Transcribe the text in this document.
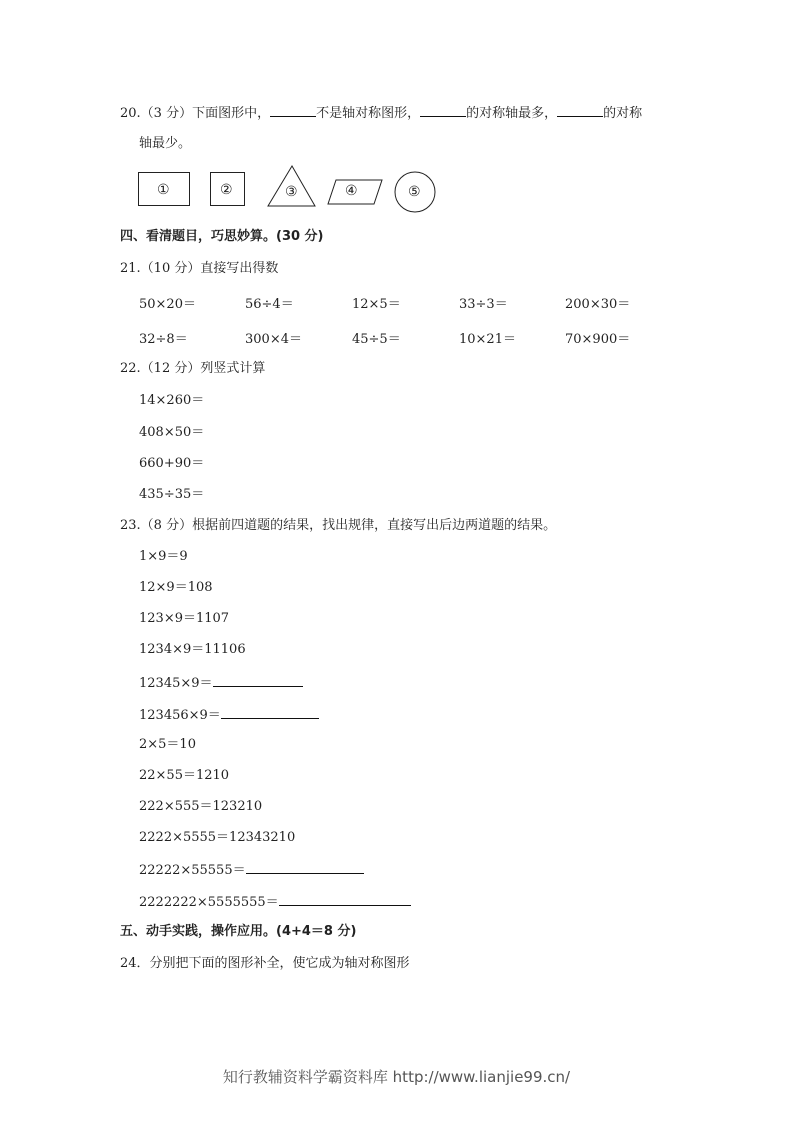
20.（3 分）下面图形中，	不是轴对称图形，	的对称轴最多，	的对称
轴最少。
①	②	③	④	⑤
四、看清题目，巧思妙算。(30 分)
21.（10 分）直接写出得数
50×20＝	56÷4＝	12×5＝	33÷3＝	200×30＝
32÷8＝	300×4＝	45÷5＝	10×21＝	70×900＝
22.（12 分）列竖式计算
14×260＝
408×50＝
660+90＝
435÷35＝
23.（8 分）根据前四道题的结果，找出规律，直接写出后边两道题的结果。
1×9＝9
12×9＝108
123×9＝1107
1234×9＝11106
12345×9＝
123456×9＝
2×5＝10
22×55＝1210
222×555＝123210
2222×5555＝12343210
22222×55555＝
2222222×5555555＝
五、动手实践，操作应用。(4+4＝8 分)
24．分别把下面的图形补全，使它成为轴对称图形
知行教辅资料学霸资料库 http://www.lianjie99.cn/
